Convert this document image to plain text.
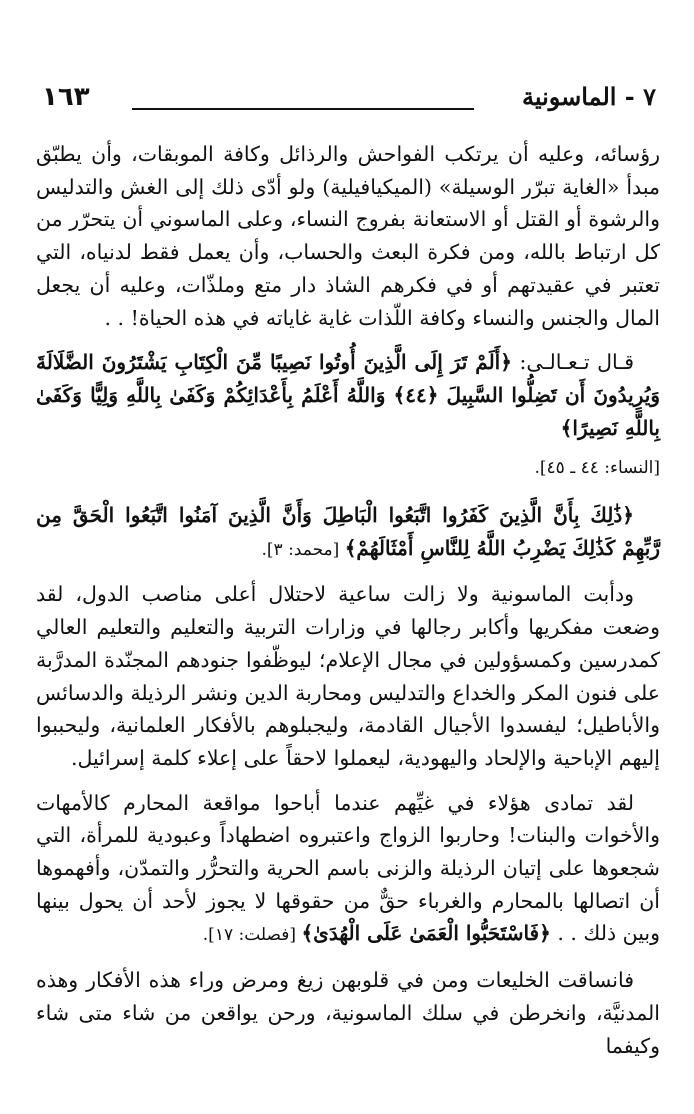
١٦٣	٧ - الماسونية

رؤسائه، وعليه أن يرتكب الفواحش والرذائل وكافة الموبقات، وأن يطبّق مبدأ «الغاية تبرّر الوسيلة» (الميكيافيلية) ولو أدّى ذلك إلى الغش والتدليس والرشوة أو القتل أو الاستعانة بفروج النساء، وعلى الماسوني أن يتحرّر من كل ارتباط بالله، ومن فكرة البعث والحساب، وأن يعمل فقط لدنياه، التي تعتبر في عقيدتهم أو في فكرهم الشاذ دار متع وملذّات، وعليه أن يجعل المال والجنس والنساء وكافة اللّذات غاية غاياته في هذه الحياة! . .

قـال تـعـالـى: ﴿أَلَمْ تَرَ إِلَى الَّذِينَ أُوتُوا نَصِيبًا مِّنَ الْكِتَابِ يَشْتَرُونَ الضَّلَالَةَ وَيُرِيدُونَ أَن تَضِلُّوا السَّبِيلَ ﴿٤٤﴾ وَاللَّهُ أَعْلَمُ بِأَعْدَائِكُمْ وَكَفَىٰ بِاللَّهِ وَلِيًّا وَكَفَىٰ بِاللَّهِ نَصِيرًا﴾

[النساء: ٤٤ ـ ٤٥].

﴿ذَٰلِكَ بِأَنَّ الَّذِينَ كَفَرُوا اتَّبَعُوا الْبَاطِلَ وَأَنَّ الَّذِينَ آمَنُوا اتَّبَعُوا الْحَقَّ مِن رَّبِّهِمْ كَذَٰلِكَ يَضْرِبُ اللَّهُ لِلنَّاسِ أَمْثَالَهُمْ﴾ [محمد: ٣].

ودأبت الماسونية ولا زالت ساعية لاحتلال أعلى مناصب الدول، لقد وضعت مفكريها وأكابر رجالها في وزارات التربية والتعليم والتعليم العالي كمدرسين وكمسؤولين في مجال الإعلام؛ ليوظّفوا جنودهم المجنّدة المدرَّبة على فنون المكر والخداع والتدليس ومحاربة الدين ونشر الرذيلة والدسائس والأباطيل؛ ليفسدوا الأجيال القادمة، وليجبلوهم بالأفكار العلمانية، وليحببوا إليهم الإباحية والإلحاد واليهودية، ليعملوا لاحقاً على إعلاء كلمة إسرائيل.

لقد تمادى هؤلاء في غيِّهم عندما أباحوا مواقعة المحارم كالأمهات والأخوات والبنات! وحاربوا الزواج واعتبروه اضطهاداً وعبودية للمرأة، التي شجعوها على إتيان الرذيلة والزنى باسم الحرية والتحرُّر والتمدّن، وأفهموها أن اتصالها بالمحارم والغرباء حقٌّ من حقوقها لا يجوز لأحد أن يحول بينها وبين ذلك . . ﴿فَاسْتَحَبُّوا الْعَمَىٰ عَلَى الْهُدَىٰ﴾ [فصلت: ١٧].

فانساقت الخليعات ومن في قلوبهن زيغ ومرض وراء هذه الأفكار وهذه المدنيَّة، وانخرطن في سلك الماسونية، ورحن يواقعن من شاء متى شاء وكيفما
